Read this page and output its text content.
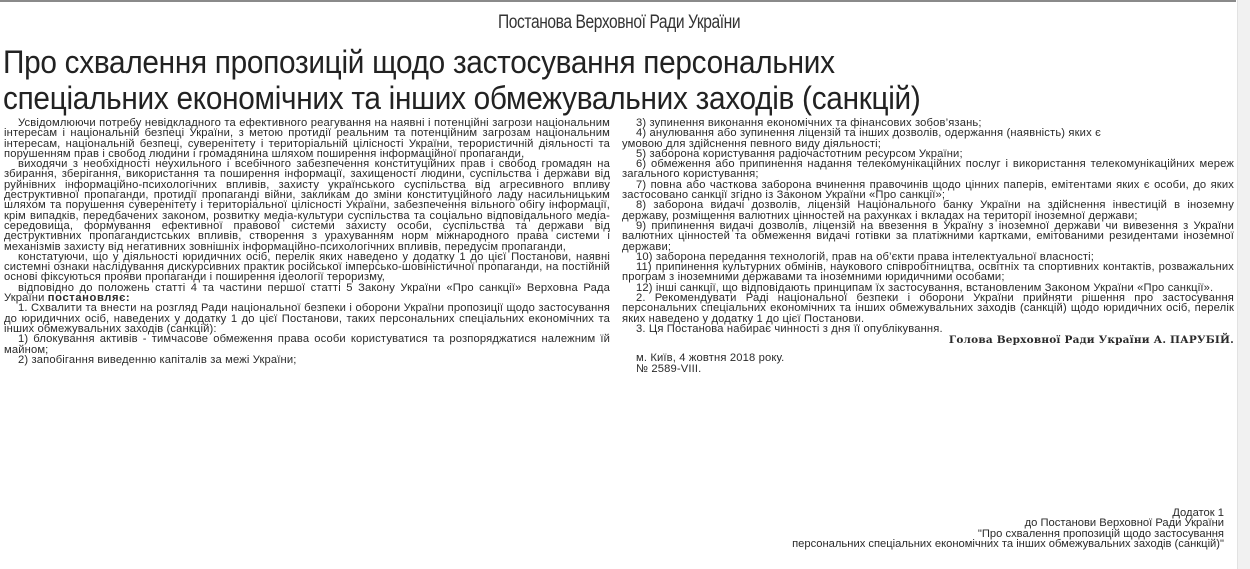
Постанова Верховної Ради України
Про схвалення пропозицій щодо застосування персональних
спеціальних економічних та інших обмежувальних заходів (санкцій)

Усвідомлюючи потребу невідкладного та ефективного реагування на наявні і потенційні загрози національним інтересам і національній безпеці України, з метою протидії реальним та потенційним загрозам національним інтересам, національній безпеці, суверенітету і територіальній цілісності України, терористичній діяльності та порушенням прав і свобод людини і громадянина шляхом поширення інформаційної пропаганди,

виходячи з необхідності неухильного і всебічного забезпечення конституційних прав і свобод громадян на збирання, зберігання, використання та поширення інформації, захищеності людини, суспільства і держави від руйнівних інформаційно-психологічних впливів, захисту українського суспільства від агресивного впливу деструктивної пропаганди, протидії пропаганді війни, закликам до зміни конституційного ладу насильницьким шляхом та порушення суверенітету і територіальної цілісності України, забезпечення вільного обігу інформації, крім випадків, передбачених законом, розвитку медіа-культури суспільства та соціально відповідального медіа-середовища, формування ефективної правової системи захисту особи, суспільства та держави від деструктивних пропагандистських впливів, створення з урахуванням норм міжнародного права системи і механізмів захисту від негативних зовнішніх інформаційно-психологічних впливів, передусім пропаганди,

констатуючи, що у діяльності юридичних осіб, перелік яких наведено у додатку 1 до цієї Постанови, наявні системні ознаки наслідування дискурсивних практик російської імперсько-шовіністичної пропаганди, на постійній основі фіксуються прояви пропаганди і поширення ідеології тероризму,

відповідно до положень статті 4 та частини першої статті 5 Закону України «Про санкції» Верховна Рада України постановляє:

1. Схвалити та внести на розгляд Ради національної безпеки і оборони України пропозиції щодо застосування до юридичних осіб, наведених у додатку 1 до цієї Постанови, таких персональних спеціальних економічних та інших обмежувальних заходів (санкцій):

1) блокування активів - тимчасове обмеження права особи користуватися та розпоряджатися належним їй майном;

2) запобігання виведенню капіталів за межі України;

3) зупинення виконання економічних та фінансових зобов’язань;

4) анулювання або зупинення ліцензій та інших дозволів, одержання (наявність) яких є умовою для здійснення певного виду діяльності;

5) заборона користування радіочастотним ресурсом України;

6) обмеження або припинення надання телекомунікаційних послуг і використання телекомунікаційних мереж загального користування;

7) повна або часткова заборона вчинення правочинів щодо цінних паперів, емітентами яких є особи, до яких застосовано санкції згідно із Законом України «Про санкції»;

8) заборона видачі дозволів, ліцензій Національного банку України на здійснення інвестицій в іноземну державу, розміщення валютних цінностей на рахунках і вкладах на території іноземної держави;

9) припинення видачі дозволів, ліцензій на ввезення в Україну з іноземної держави чи вивезення з України валютних цінностей та обмеження видачі готівки за платіжними картками, емітованими резидентами іноземної держави;

10) заборона передання технологій, прав на об’єкти права інтелектуальної власності;

11) припинення культурних обмінів, наукового співробітництва, освітніх та спортивних контактів, розважальних програм з іноземними державами та іноземними юридичними особами;

12) інші санкції, що відповідають принципам їх застосування, встановленим Законом України «Про санкції».

2. Рекомендувати Раді національної безпеки і оборони України прийняти рішення про застосування персональних спеціальних економічних та інших обмежувальних заходів (санкцій) щодо юридичних осіб, перелік яких наведено у додатку 1 до цієї Постанови.

3. Ця Постанова набирає чинності з дня її опублікування.

Голова Верховної Ради України А. ПАРУБІЙ.
м. Київ, 4 жовтня 2018 року.
№ 2589-VIII.
Додаток 1
до Постанови Верховної Ради України
"Про схвалення пропозицій щодо застосування
персональних спеціальних економічних та інших обмежувальних заходів (санкцій)"
